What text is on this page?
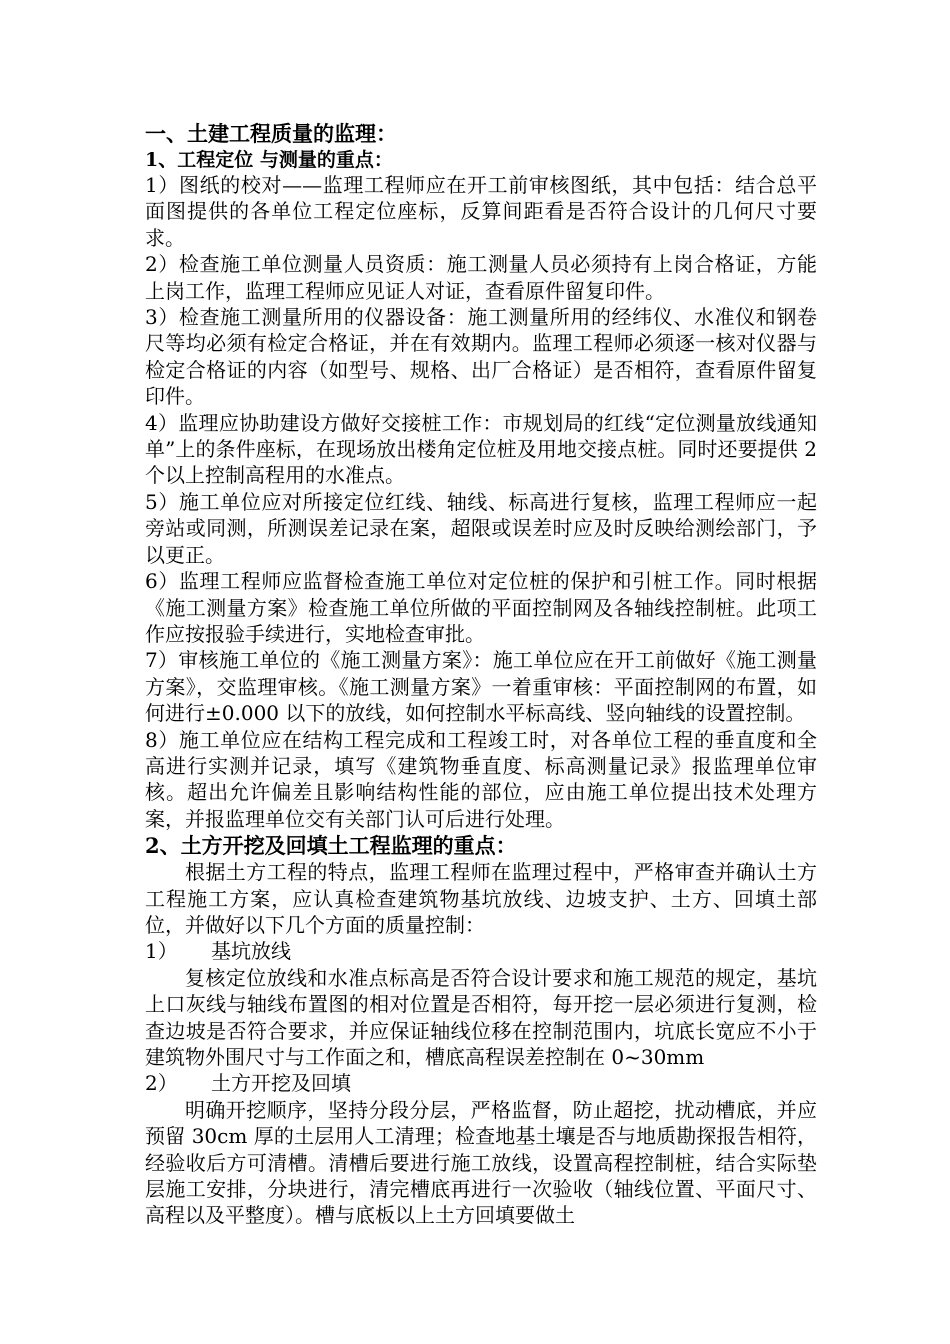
一、土建工程质量的监理：

1、工程定位 与测量的重点：

1）图纸的校对——监理工程师应在开工前审核图纸，其中包括：结合总平面图提供的各单位工程定位座标，反算间距看是否符合设计的几何尺寸要求。

2）检查施工单位测量人员资质：施工测量人员必须持有上岗合格证，方能上岗工作，监理工程师应见证人对证，查看原件留复印件。

3）检查施工测量所用的仪器设备：施工测量所用的经纬仪、水准仪和钢卷尺等均必须有检定合格证，并在有效期内。监理工程师必须逐一核对仪器与检定合格证的内容（如型号、规格、出厂合格证）是否相符，查看原件留复印件。

4）监理应协助建设方做好交接桩工作：市规划局的红线“定位测量放线通知单”上的条件座标，在现场放出楼角定位桩及用地交接点桩。同时还要提供 2 个以上控制高程用的水准点。

5）施工单位应对所接定位红线、轴线、标高进行复核，监理工程师应一起旁站或同测，所测误差记录在案，超限或误差时应及时反映给测绘部门，予以更正。

6）监理工程师应监督检查施工单位对定位桩的保护和引桩工作。同时根据《施工测量方案》检查施工单位所做的平面控制网及各轴线控制桩。此项工作应按报验手续进行，实地检查审批。

7）审核施工单位的《施工测量方案》：施工单位应在开工前做好《施工测量方案》，交监理审核。《施工测量方案》一着重审核：平面控制网的布置，如何进行±0.000 以下的放线，如何控制水平标高线、竖向轴线的设置控制。

8）施工单位应在结构工程完成和工程竣工时，对各单位工程的垂直度和全高进行实测并记录，填写《建筑物垂直度、标高测量记录》报监理单位审核。超出允许偏差且影响结构性能的部位，应由施工单位提出技术处理方案，并报监理单位交有关部门认可后进行处理。

2、土方开挖及回填土工程监理的重点：

根据土方工程的特点，监理工程师在监理过程中，严格审查并确认土方工程施工方案，应认真检查建筑物基坑放线、边坡支护、土方、回填土部位，并做好以下几个方面的质量控制：

1） 基坑放线

复核定位放线和水准点标高是否符合设计要求和施工规范的规定，基坑上口灰线与轴线布置图的相对位置是否相符，每开挖一层必须进行复测，检查边坡是否符合要求，并应保证轴线位移在控制范围内，坑底长宽应不小于建筑物外围尺寸与工作面之和，槽底高程误差控制在 0~30mm

2） 土方开挖及回填

明确开挖顺序，坚持分段分层，严格监督，防止超挖，扰动槽底，并应预留 30cm 厚的土层用人工清理；检查地基土壤是否与地质勘探报告相符，经验收后方可清槽。清槽后要进行施工放线，设置高程控制桩，结合实际垫层施工安排，分块进行，清完槽底再进行一次验收（轴线位置、平面尺寸、高程以及平整度）。槽与底板以上土方回填要做土
